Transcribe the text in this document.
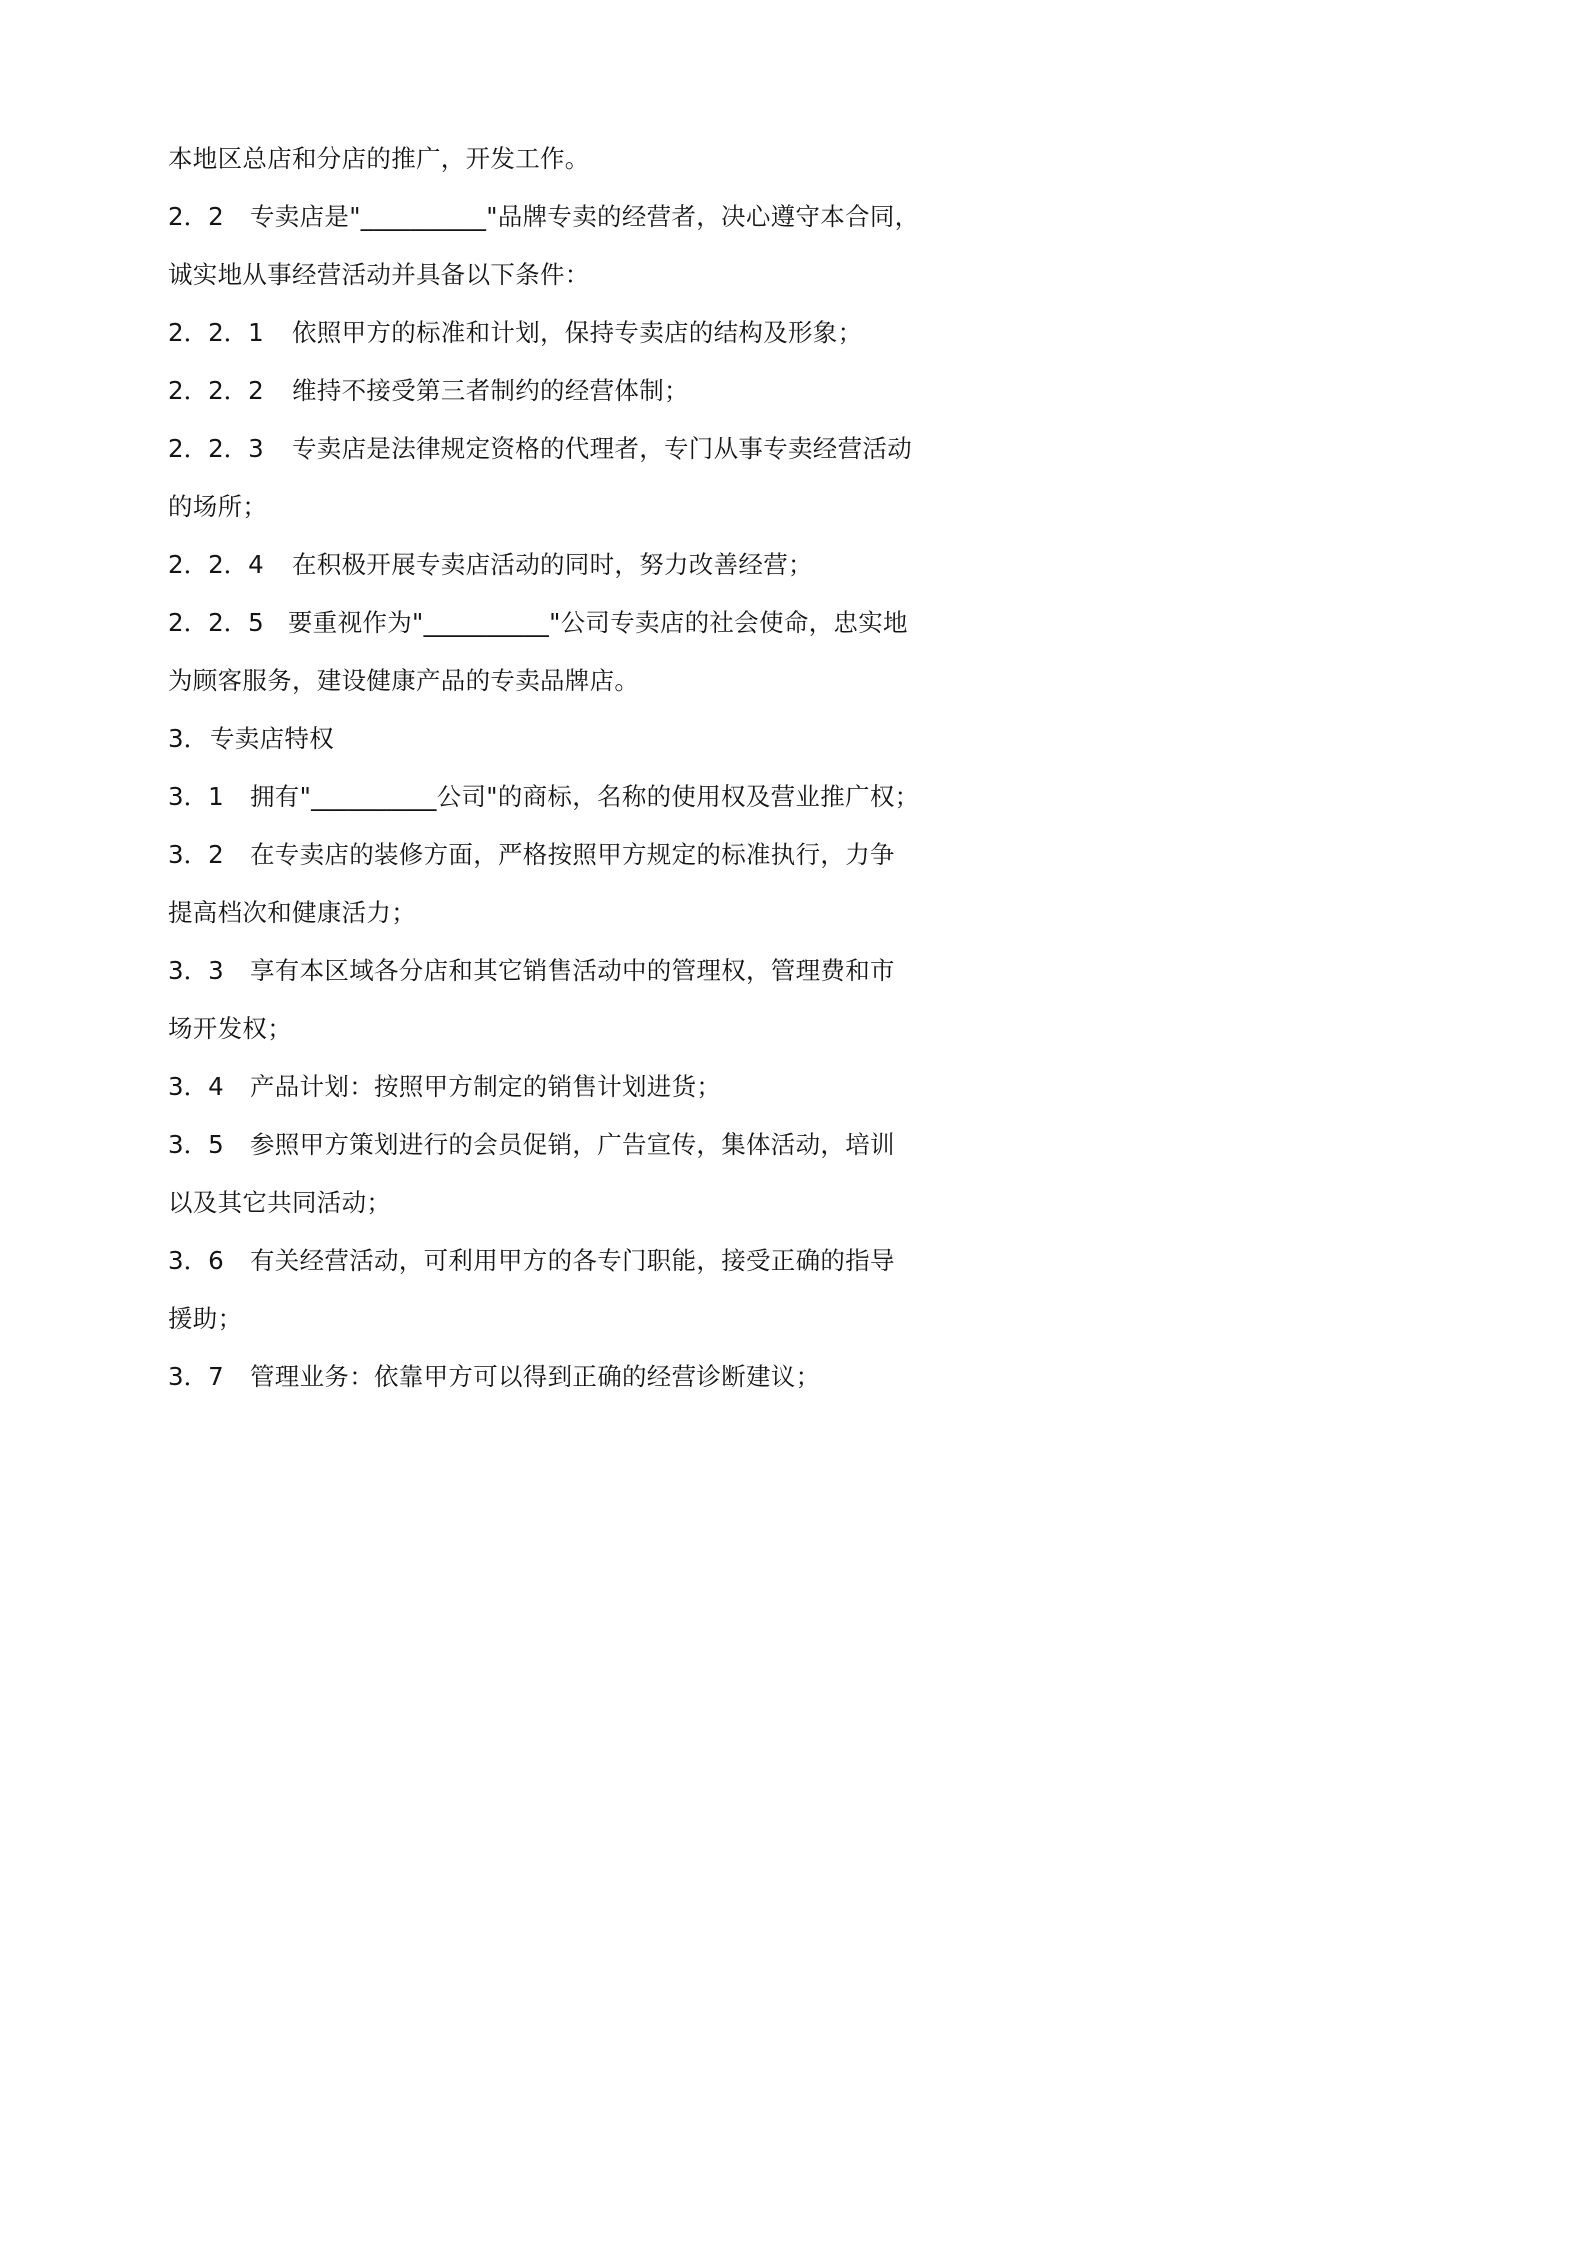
本地区总店和分店的推广，开发工作。
2．2 专卖店是"__________"品牌专卖的经营者，决心遵守本合同，
诚实地从事经营活动并具备以下条件：
2．2．1 依照甲方的标准和计划，保持专卖店的结构及形象；
2．2．2 维持不接受第三者制约的经营体制；
2．2．3 专卖店是法律规定资格的代理者，专门从事专卖经营活动
的场所；
2．2．4 在积极开展专卖店活动的同时，努力改善经营；
2．2．5 要重视作为"__________"公司专卖店的社会使命，忠实地
为顾客服务，建设健康产品的专卖品牌店。
3．专卖店特权
3．1 拥有"__________公司"的商标，名称的使用权及营业推广权；
3．2 在专卖店的装修方面，严格按照甲方规定的标准执行，力争
提高档次和健康活力；
3．3 享有本区域各分店和其它销售活动中的管理权，管理费和市
场开发权；
3．4 产品计划：按照甲方制定的销售计划进货；
3．5 参照甲方策划进行的会员促销，广告宣传，集体活动，培训
以及其它共同活动；
3．6 有关经营活动，可利用甲方的各专门职能，接受正确的指导
援助；
3．7 管理业务：依靠甲方可以得到正确的经营诊断建议；
